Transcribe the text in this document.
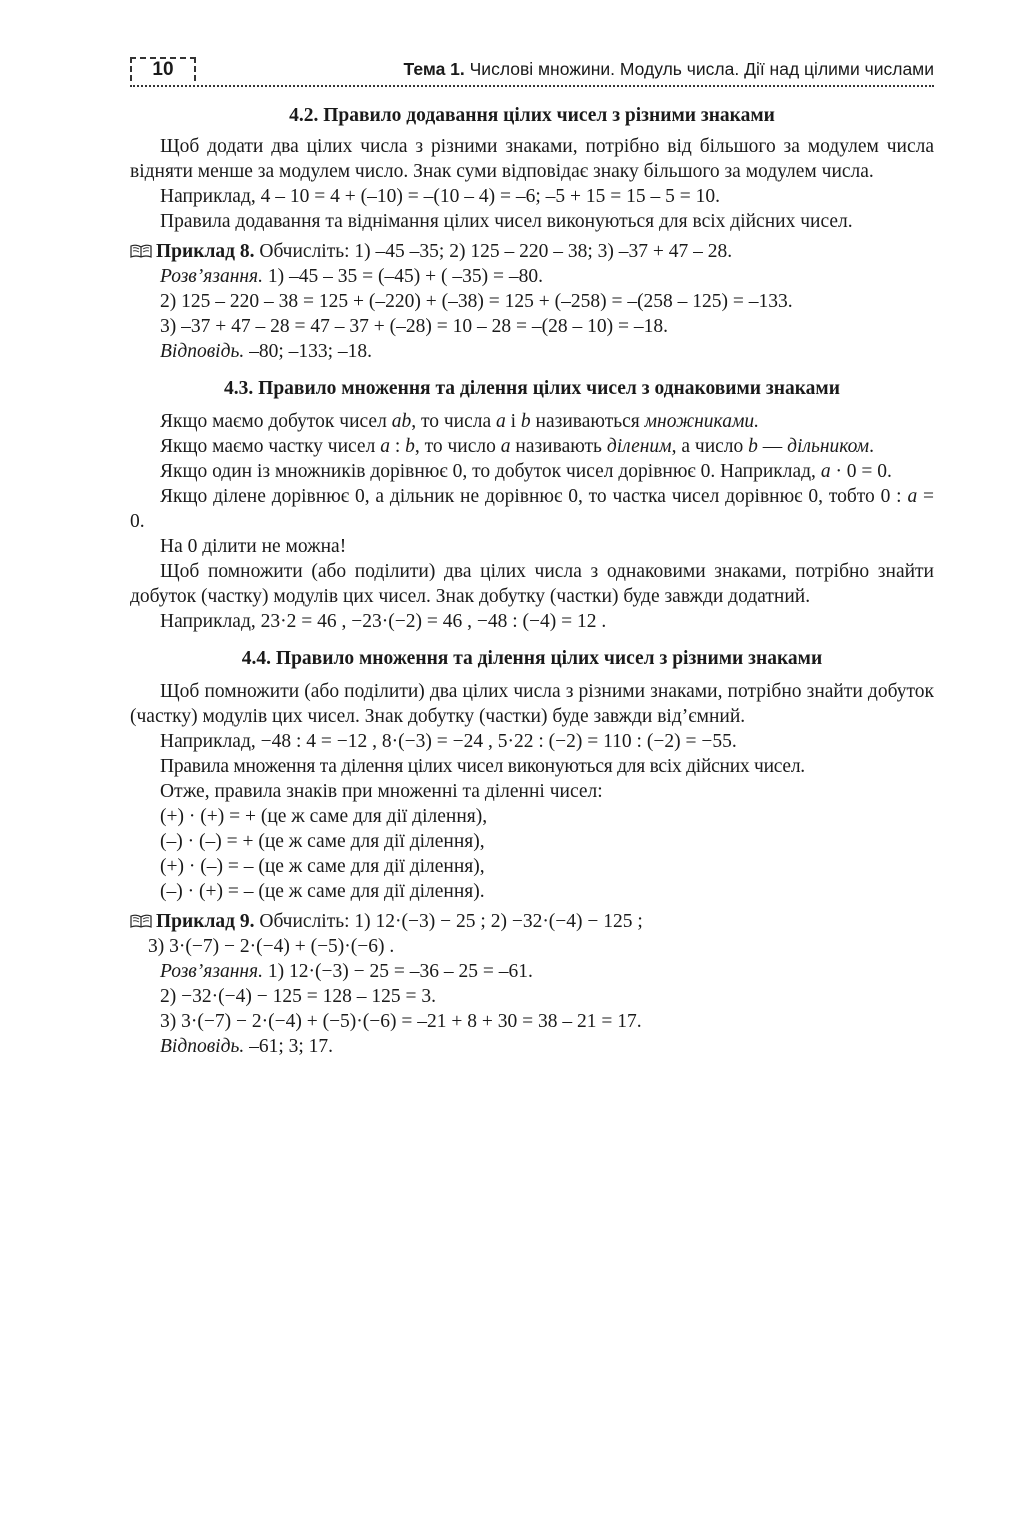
10	Тема 1. Числові множини. Модуль числа. Дії над цілими числами
4.2. Правило додавання цілих чисел з різними знаками

Щоб додати два цілих числа з різними знаками, потрібно від більшого за модулем числа відняти менше за модулем число. Знак суми відповідає знаку більшого за модулем числа.

Наприклад, 4 – 10 = 4 + (–10) = –(10 – 4) = –6; –5 + 15 = 15 – 5 = 10.

Правила додавання та віднімання цілих чисел виконуються для всіх дійсних чисел.

Приклад 8. Обчисліть: 1) –45 –35; 2) 125 – 220 – 38; 3) –37 + 47 – 28.

Розв’язання. 1) –45 – 35 = (–45) + ( –35) = –80.

2) 125 – 220 – 38 = 125 + (–220) + (–38) = 125 + (–258) = –(258 – 125) = –133.

3) –37 + 47 – 28 = 47 – 37 + (–28) = 10 – 28 = –(28 – 10) = –18.

Відповідь. –80; –133; –18.

4.3. Правило множення та ділення цілих чисел з однаковими знаками

Якщо маємо добуток чисел ab, то числа a і b називаються множниками.

Якщо маємо частку чисел a : b, то число a називають діленим, а число b — дільником.

Якщо один із множників дорівнює 0, то добуток чисел дорівнює 0. Наприклад, a · 0 = 0.

Якщо ділене дорівнює 0, а дільник не дорівнює 0, то частка чисел дорівнює 0, тобто 0 : a = 0.

На 0 ділити не можна!

Щоб помножити (або поділити) два цілих числа з однаковими знаками, потрібно знайти добуток (частку) модулів цих чисел. Знак добутку (частки) буде завжди додатний.

Наприклад, 23·2 = 46 , −23·(−2) = 46 , −48 : (−4) = 12 .

4.4. Правило множення та ділення цілих чисел з різними знаками

Щоб помножити (або поділити) два цілих числа з різними знаками, потрібно знайти добуток (частку) модулів цих чисел. Знак добутку (частки) буде завжди від’ємний.

Наприклад, −48 : 4 = −12 , 8·(−3) = −24 , 5·22 : (−2) = 110 : (−2) = −55.

Правила множення та ділення цілих чисел виконуються для всіх дійсних чисел.

Отже, правила знаків при множенні та діленні чисел:

(+) · (+) = + (це ж саме для дії ділення),

(–) · (–) = + (це ж саме для дії ділення),

(+) · (–) = – (це ж саме для дії ділення),

(–) · (+) = – (це ж саме для дії ділення).

Приклад 9. Обчисліть: 1) 12·(−3) − 25 ; 2) −32·(−4) − 125 ;

3) 3·(−7) − 2·(−4) + (−5)·(−6) .

Розв’язання. 1) 12·(−3) − 25 = –36 – 25 = –61.

2) −32·(−4) − 125 = 128 – 125 = 3.

3) 3·(−7) − 2·(−4) + (−5)·(−6) = –21 + 8 + 30 = 38 – 21 = 17.

Відповідь. –61; 3; 17.
